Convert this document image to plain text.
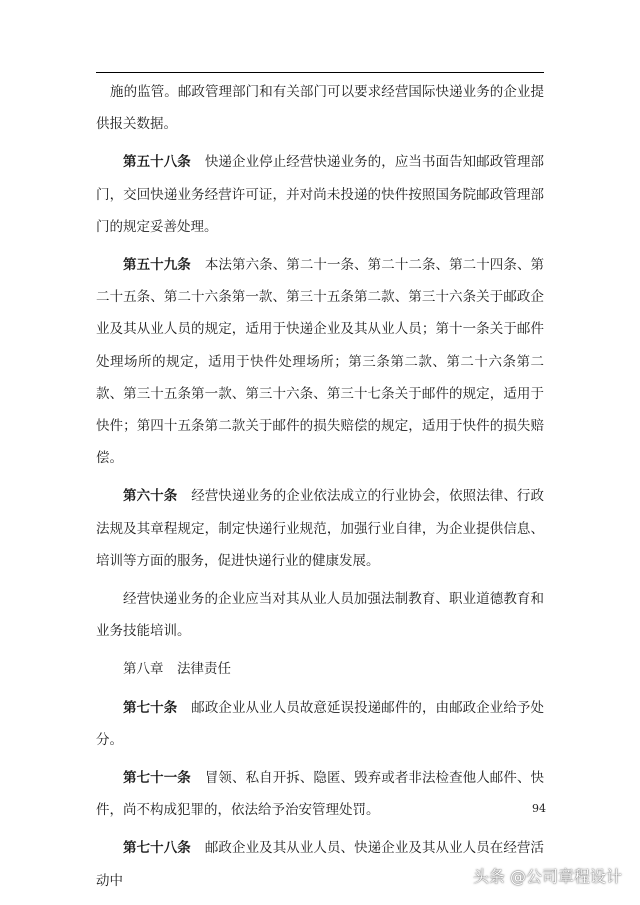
施的监管。邮政管理部门和有关部门可以要求经营国际快递业务的企业提供报关数据。

第五十八条 快递企业停止经营快递业务的，应当书面告知邮政管理部门，交回快递业务经营许可证，并对尚未投递的快件按照国务院邮政管理部门的规定妥善处理。

第五十九条 本法第六条、第二十一条、第二十二条、第二十四条、第二十五条、第二十六条第一款、第三十五条第二款、第三十六条关于邮政企业及其从业人员的规定，适用于快递企业及其从业人员；第十一条关于邮件处理场所的规定，适用于快件处理场所；第三条第二款、第二十六条第二款、第三十五条第一款、第三十六条、第三十七条关于邮件的规定，适用于快件；第四十五条第二款关于邮件的损失赔偿的规定，适用于快件的损失赔偿。

第六十条 经营快递业务的企业依法成立的行业协会，依照法律、行政法规及其章程规定，制定快递行业规范，加强行业自律，为企业提供信息、培训等方面的服务，促进快递行业的健康发展。

经营快递业务的企业应当对其从业人员加强法制教育、职业道德教育和业务技能培训。

第八章　法律责任

第七十条 邮政企业从业人员故意延误投递邮件的，由邮政企业给予处分。

第七十一条 冒领、私自开拆、隐匿、毁弃或者非法检查他人邮件、快件，尚不构成犯罪的，依法给予治安管理处罚。

第七十八条 邮政企业及其从业人员、快递企业及其从业人员在经营活动中

94
头条 @公司章程设计
